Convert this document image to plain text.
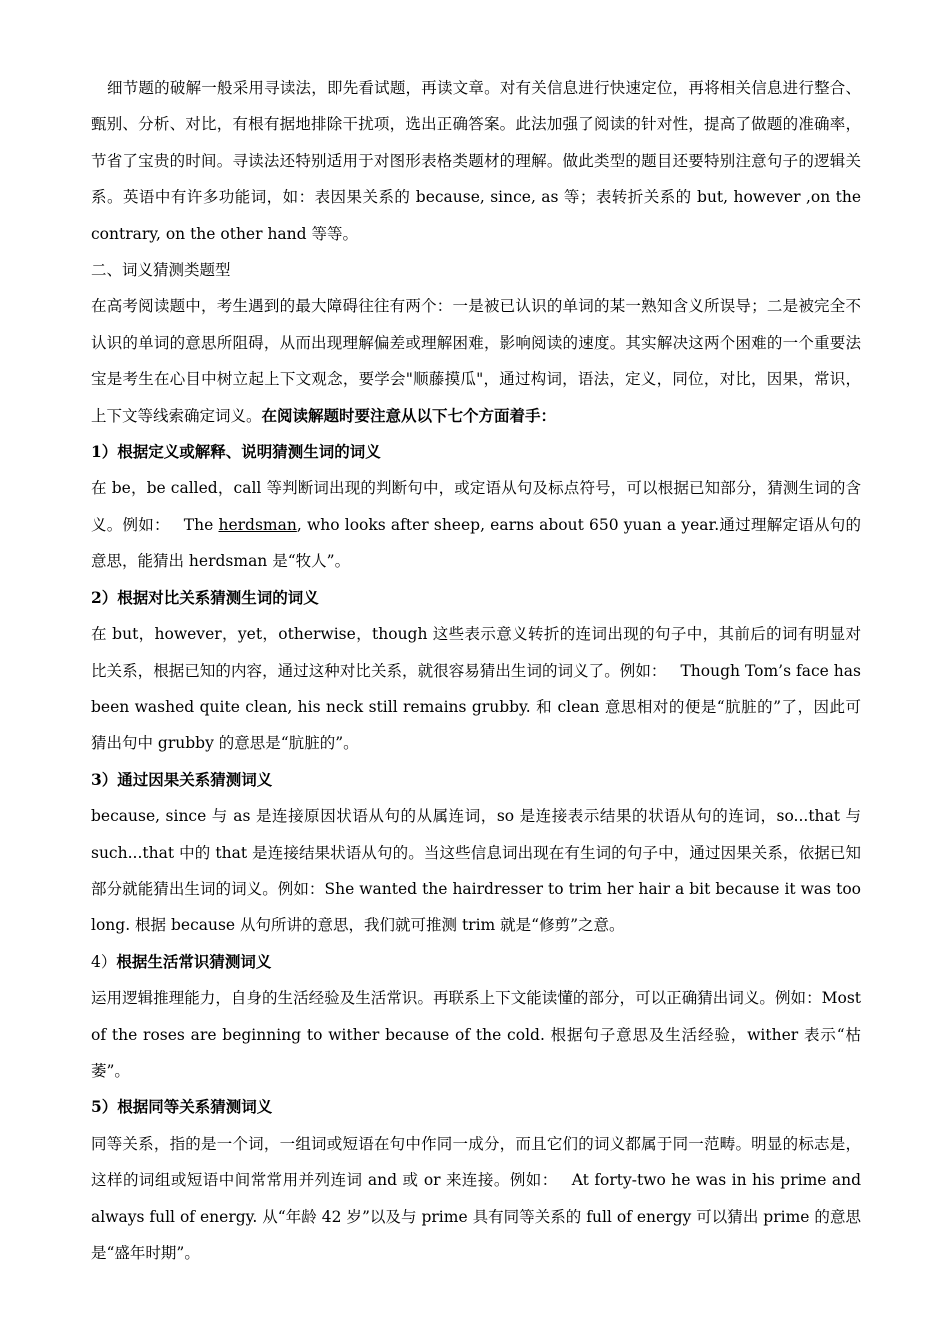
细节题的破解一般采用寻读法，即先看试题，再读文章。对有关信息进行快速定位，再将相关信息进行整合、甄别、分析、对比，有根有据地排除干扰项，选出正确答案。此法加强了阅读的针对性，提高了做题的准确率，节省了宝贵的时间。寻读法还特别适用于对图形表格类题材的理解。做此类型的题目还要特别注意句子的逻辑关系。英语中有许多功能词，如：表因果关系的 because, since, as 等；表转折关系的 but, however ,on the contrary, on the other hand 等等。

二、词义猜测类题型

在高考阅读题中，考生遇到的最大障碍往往有两个：一是被已认识的单词的某一熟知含义所误导；二是被完全不认识的单词的意思所阻碍，从而出现理解偏差或理解困难，影响阅读的速度。其实解决这两个困难的一个重要法宝是考生在心目中树立起上下文观念，要学会"顺藤摸瓜"，通过构词，语法，定义，同位，对比，因果，常识，上下文等线索确定词义。在阅读解题时要注意从以下七个方面着手：

1）根据定义或解释、说明猜测生词的词义

在 be，be called，call 等判断词出现的判断句中，或定语从句及标点符号，可以根据已知部分，猜测生词的含义。例如： The herdsman, who looks after sheep, earns about 650 yuan a year.通过理解定语从句的意思，能猜出 herdsman 是“牧人”。

2）根据对比关系猜测生词的词义

在 but，however，yet，otherwise，though 这些表示意义转折的连词出现的句子中，其前后的词有明显对比关系，根据已知的内容，通过这种对比关系，就很容易猜出生词的词义了。例如： Though Tom’s face has been washed quite clean, his neck still remains grubby. 和 clean 意思相对的便是“肮脏的”了，因此可猜出句中 grubby 的意思是“肮脏的”。

3）通过因果关系猜测词义

because, since 与 as 是连接原因状语从句的从属连词，so 是连接表示结果的状语从句的连词，so...that 与 such...that 中的 that 是连接结果状语从句的。当这些信息词出现在有生词的句子中，通过因果关系，依据已知部分就能猜出生词的词义。例如：She wanted the hairdresser to trim her hair a bit because it was too long. 根据 because 从句所讲的意思，我们就可推测 trim 就是“修剪”之意。

4）根据生活常识猜测词义

运用逻辑推理能力，自身的生活经验及生活常识。再联系上下文能读懂的部分，可以正确猜出词义。例如：Most of the roses are beginning to wither because of the cold. 根据句子意思及生活经验，wither 表示“枯萎”。

5）根据同等关系猜测词义

同等关系，指的是一个词，一组词或短语在句中作同一成分，而且它们的词义都属于同一范畴。明显的标志是，这样的词组或短语中间常常用并列连词 and 或 or 来连接。例如： At forty-two he was in his prime and always full of energy. 从“年龄 42 岁”以及与 prime 具有同等关系的 full of energy 可以猜出 prime 的意思是“盛年时期”。
